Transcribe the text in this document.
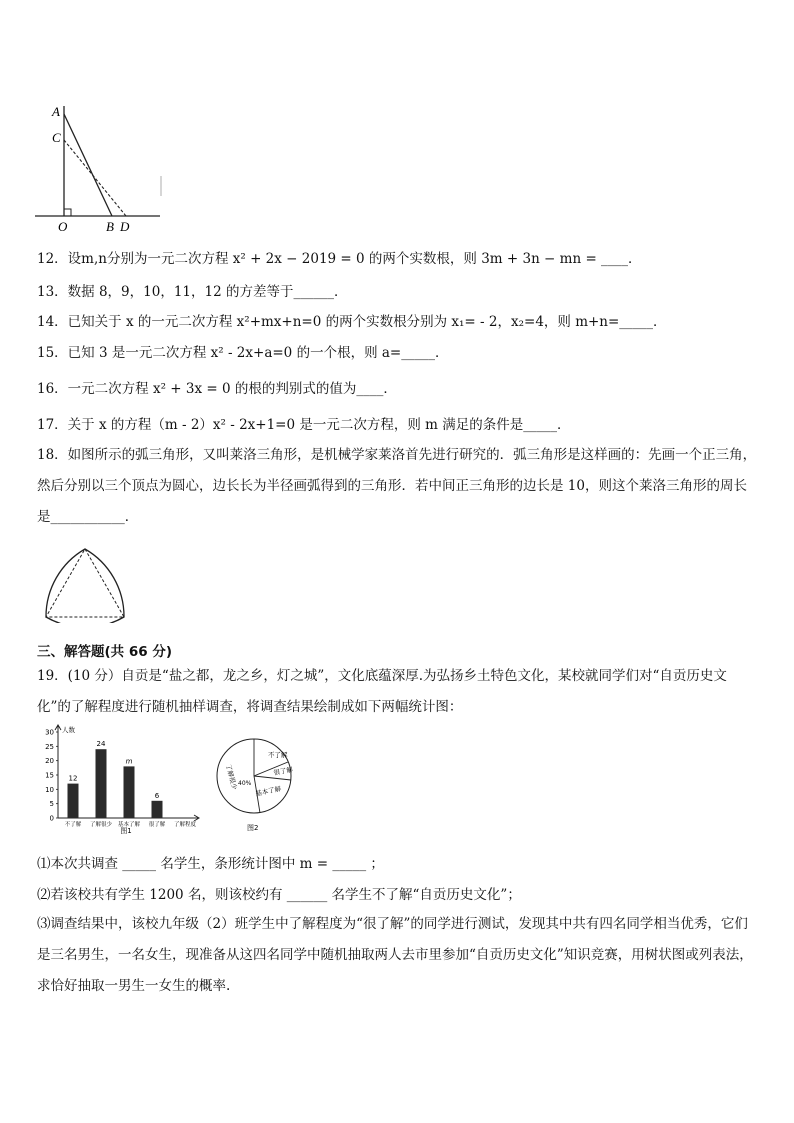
A
C
O	B D
12．设m,n分别为一元二次方程 x² + 2x − 2019 = 0 的两个实数根，则 3m + 3n − mn = ____．
13．数据 8，9，10，11，12 的方差等于______．
14．已知关于 x 的一元二次方程 x²+mx+n=0 的两个实数根分别为 x₁= - 2，x₂=4，则 m+n=_____．
15．已知 3 是一元二次方程 x² - 2x+a=0 的一个根，则 a=_____．
16．一元二次方程 x² + 3x = 0 的根的判别式的值为____．
17．关于 x 的方程（m - 2）x² - 2x+1=0 是一元二次方程，则 m 满足的条件是_____．
18．如图所示的弧三角形，又叫莱洛三角形，是机械学家莱洛首先进行研究的．弧三角形是这样画的：先画一个正三角，然后分别以三个顶点为圆心，边长长为半径画弧得到的三角形．若中间正三角形的边长是 10，则这个莱洛三角形的周长是___________．
三、解答题(共 66 分)
19．(10 分）自贡是“盐之都，龙之乡，灯之城”，文化底蕴深厚.为弘扬乡土特色文化，某校就同学们对“自贡历史文化”的了解程度进行随机抽样调查，将调查结果绘制成如下两幅统计图：
人数
0
5
10
15
20
25
30
12
24
m
6
不了解 了解很少 基本了解 很了解 了解程度
图1
不了解
很了解
基本了解
了解很少 40%
图2
⑴本次共调查 _____ 名学生，条形统计图中 m = _____ ；
⑵若该校共有学生 1200 名，则该校约有 ______ 名学生不了解“自贡历史文化”；
⑶调查结果中，该校九年级（2）班学生中了解程度为“很了解”的同学进行测试，发现其中共有四名同学相当优秀，它们是三名男生，一名女生，现准备从这四名同学中随机抽取两人去市里参加“自贡历史文化”知识竞赛，用树状图或列表法，求恰好抽取一男生一女生的概率.
